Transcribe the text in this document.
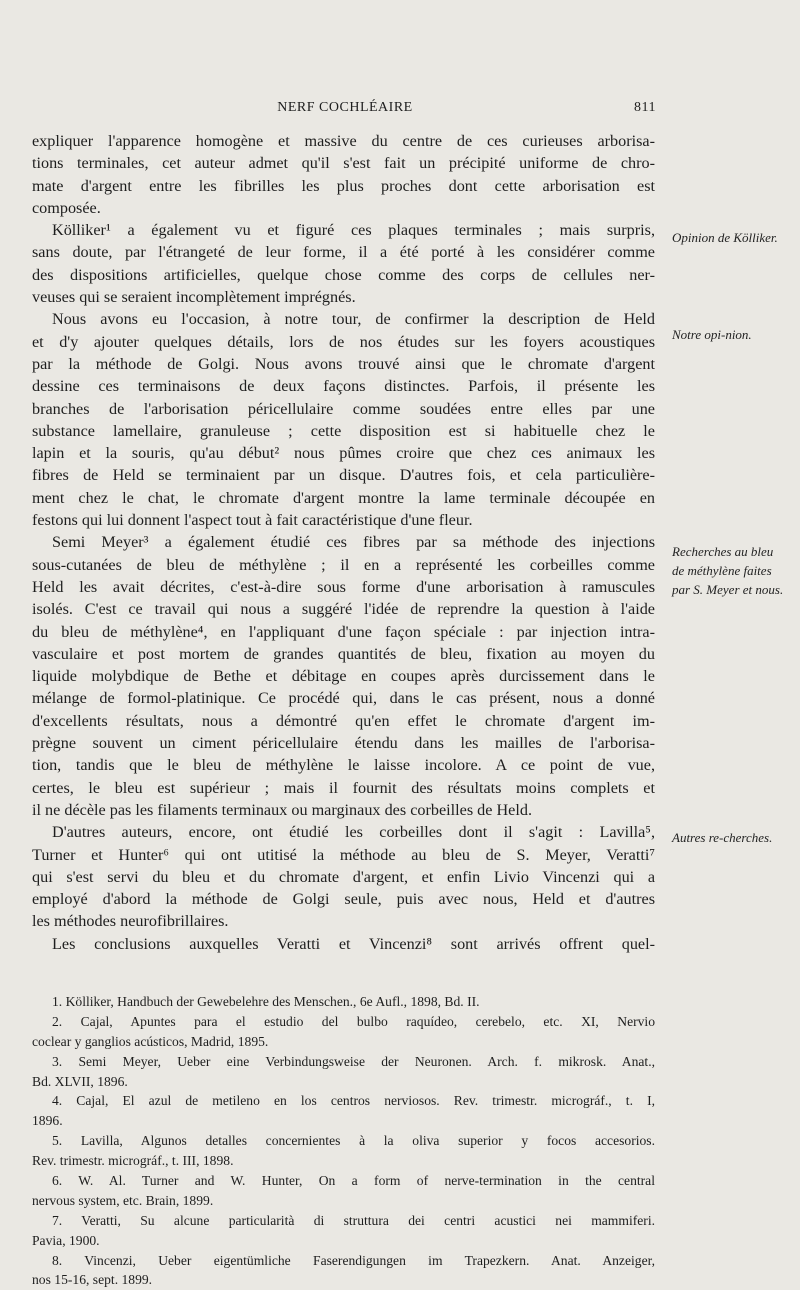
NERF COCHLÉAIRE	811
expliquer l'apparence homogène et massive du centre de ces curieuses arborisa-
tions terminales, cet auteur admet qu'il s'est fait un précipité uniforme de chro-
mate d'argent entre les fibrilles les plus proches dont cette arborisation est
composée.
Kölliker¹ a également vu et figuré ces plaques terminales ; mais surpris,
sans doute, par l'étrangeté de leur forme, il a été porté à les considérer comme
des dispositions artificielles, quelque chose comme des corps de cellules ner-
veuses qui se seraient incomplètement imprégnés.
Nous avons eu l'occasion, à notre tour, de confirmer la description de Held
et d'y ajouter quelques détails, lors de nos études sur les foyers acoustiques
par la méthode de Golgi. Nous avons trouvé ainsi que le chromate d'argent
dessine ces terminaisons de deux façons distinctes. Parfois, il présente les
branches de l'arborisation péricellulaire comme soudées entre elles par une
substance lamellaire, granuleuse ; cette disposition est si habituelle chez le
lapin et la souris, qu'au début² nous pûmes croire que chez ces animaux les
fibres de Held se terminaient par un disque. D'autres fois, et cela particulière-
ment chez le chat, le chromate d'argent montre la lame terminale découpée en
festons qui lui donnent l'aspect tout à fait caractéristique d'une fleur.
Semi Meyer³ a également étudié ces fibres par sa méthode des injections
sous-cutanées de bleu de méthylène ; il en a représenté les corbeilles comme
Held les avait décrites, c'est-à-dire sous forme d'une arborisation à ramuscules
isolés. C'est ce travail qui nous a suggéré l'idée de reprendre la question à l'aide
du bleu de méthylène⁴, en l'appliquant d'une façon spéciale : par injection intra-
vasculaire et post mortem de grandes quantités de bleu, fixation au moyen du
liquide molybdique de Bethe et débitage en coupes après durcissement dans le
mélange de formol-platinique. Ce procédé qui, dans le cas présent, nous a donné
d'excellents résultats, nous a démontré qu'en effet le chromate d'argent im-
prègne souvent un ciment péricellulaire étendu dans les mailles de l'arborisa-
tion, tandis que le bleu de méthylène le laisse incolore. A ce point de vue,
certes, le bleu est supérieur ; mais il fournit des résultats moins complets et
il ne décèle pas les filaments terminaux ou marginaux des corbeilles de Held.
D'autres auteurs, encore, ont étudié les corbeilles dont il s'agit : Lavilla⁵,
Turner et Hunter⁶ qui ont utitisé la méthode au bleu de S. Meyer, Veratti⁷
qui s'est servi du bleu et du chromate d'argent, et enfin Livio Vincenzi qui a
employé d'abord la méthode de Golgi seule, puis avec nous, Held et d'autres
les méthodes neurofibrillaires.
Les conclusions auxquelles Veratti et Vincenzi⁸ sont arrivés offrent quel-
Opinion de Kölliker.
Notre opi-nion.
Recherches au bleu de méthylène faites par S. Meyer et nous.
Autres re-cherches.
1. Kölliker, Handbuch der Gewebelehre des Menschen., 6e Aufl., 1898, Bd. II.
2. Cajal, Apuntes para el estudio del bulbo raquídeo, cerebelo, etc. XI, Nervio
coclear y ganglios acústicos, Madrid, 1895.
3. Semi Meyer, Ueber eine Verbindungsweise der Neuronen. Arch. f. mikrosk. Anat.,
Bd. XLVII, 1896.
4. Cajal, El azul de metileno en los centros nerviosos. Rev. trimestr. micrográf., t. I,
1896.
5. Lavilla, Algunos detalles concernientes à la oliva superior y focos accesorios.
Rev. trimestr. micrográf., t. III, 1898.
6. W. Al. Turner and W. Hunter, On a form of nerve-termination in the central
nervous system, etc. Brain, 1899.
7. Veratti, Su alcune particularità di struttura dei centri acustici nei mammiferi.
Pavia, 1900.
8. Vincenzi, Ueber eigentümliche Faserendigungen im Trapezkern. Anat. Anzeiger,
nos 15-16, sept. 1899.
